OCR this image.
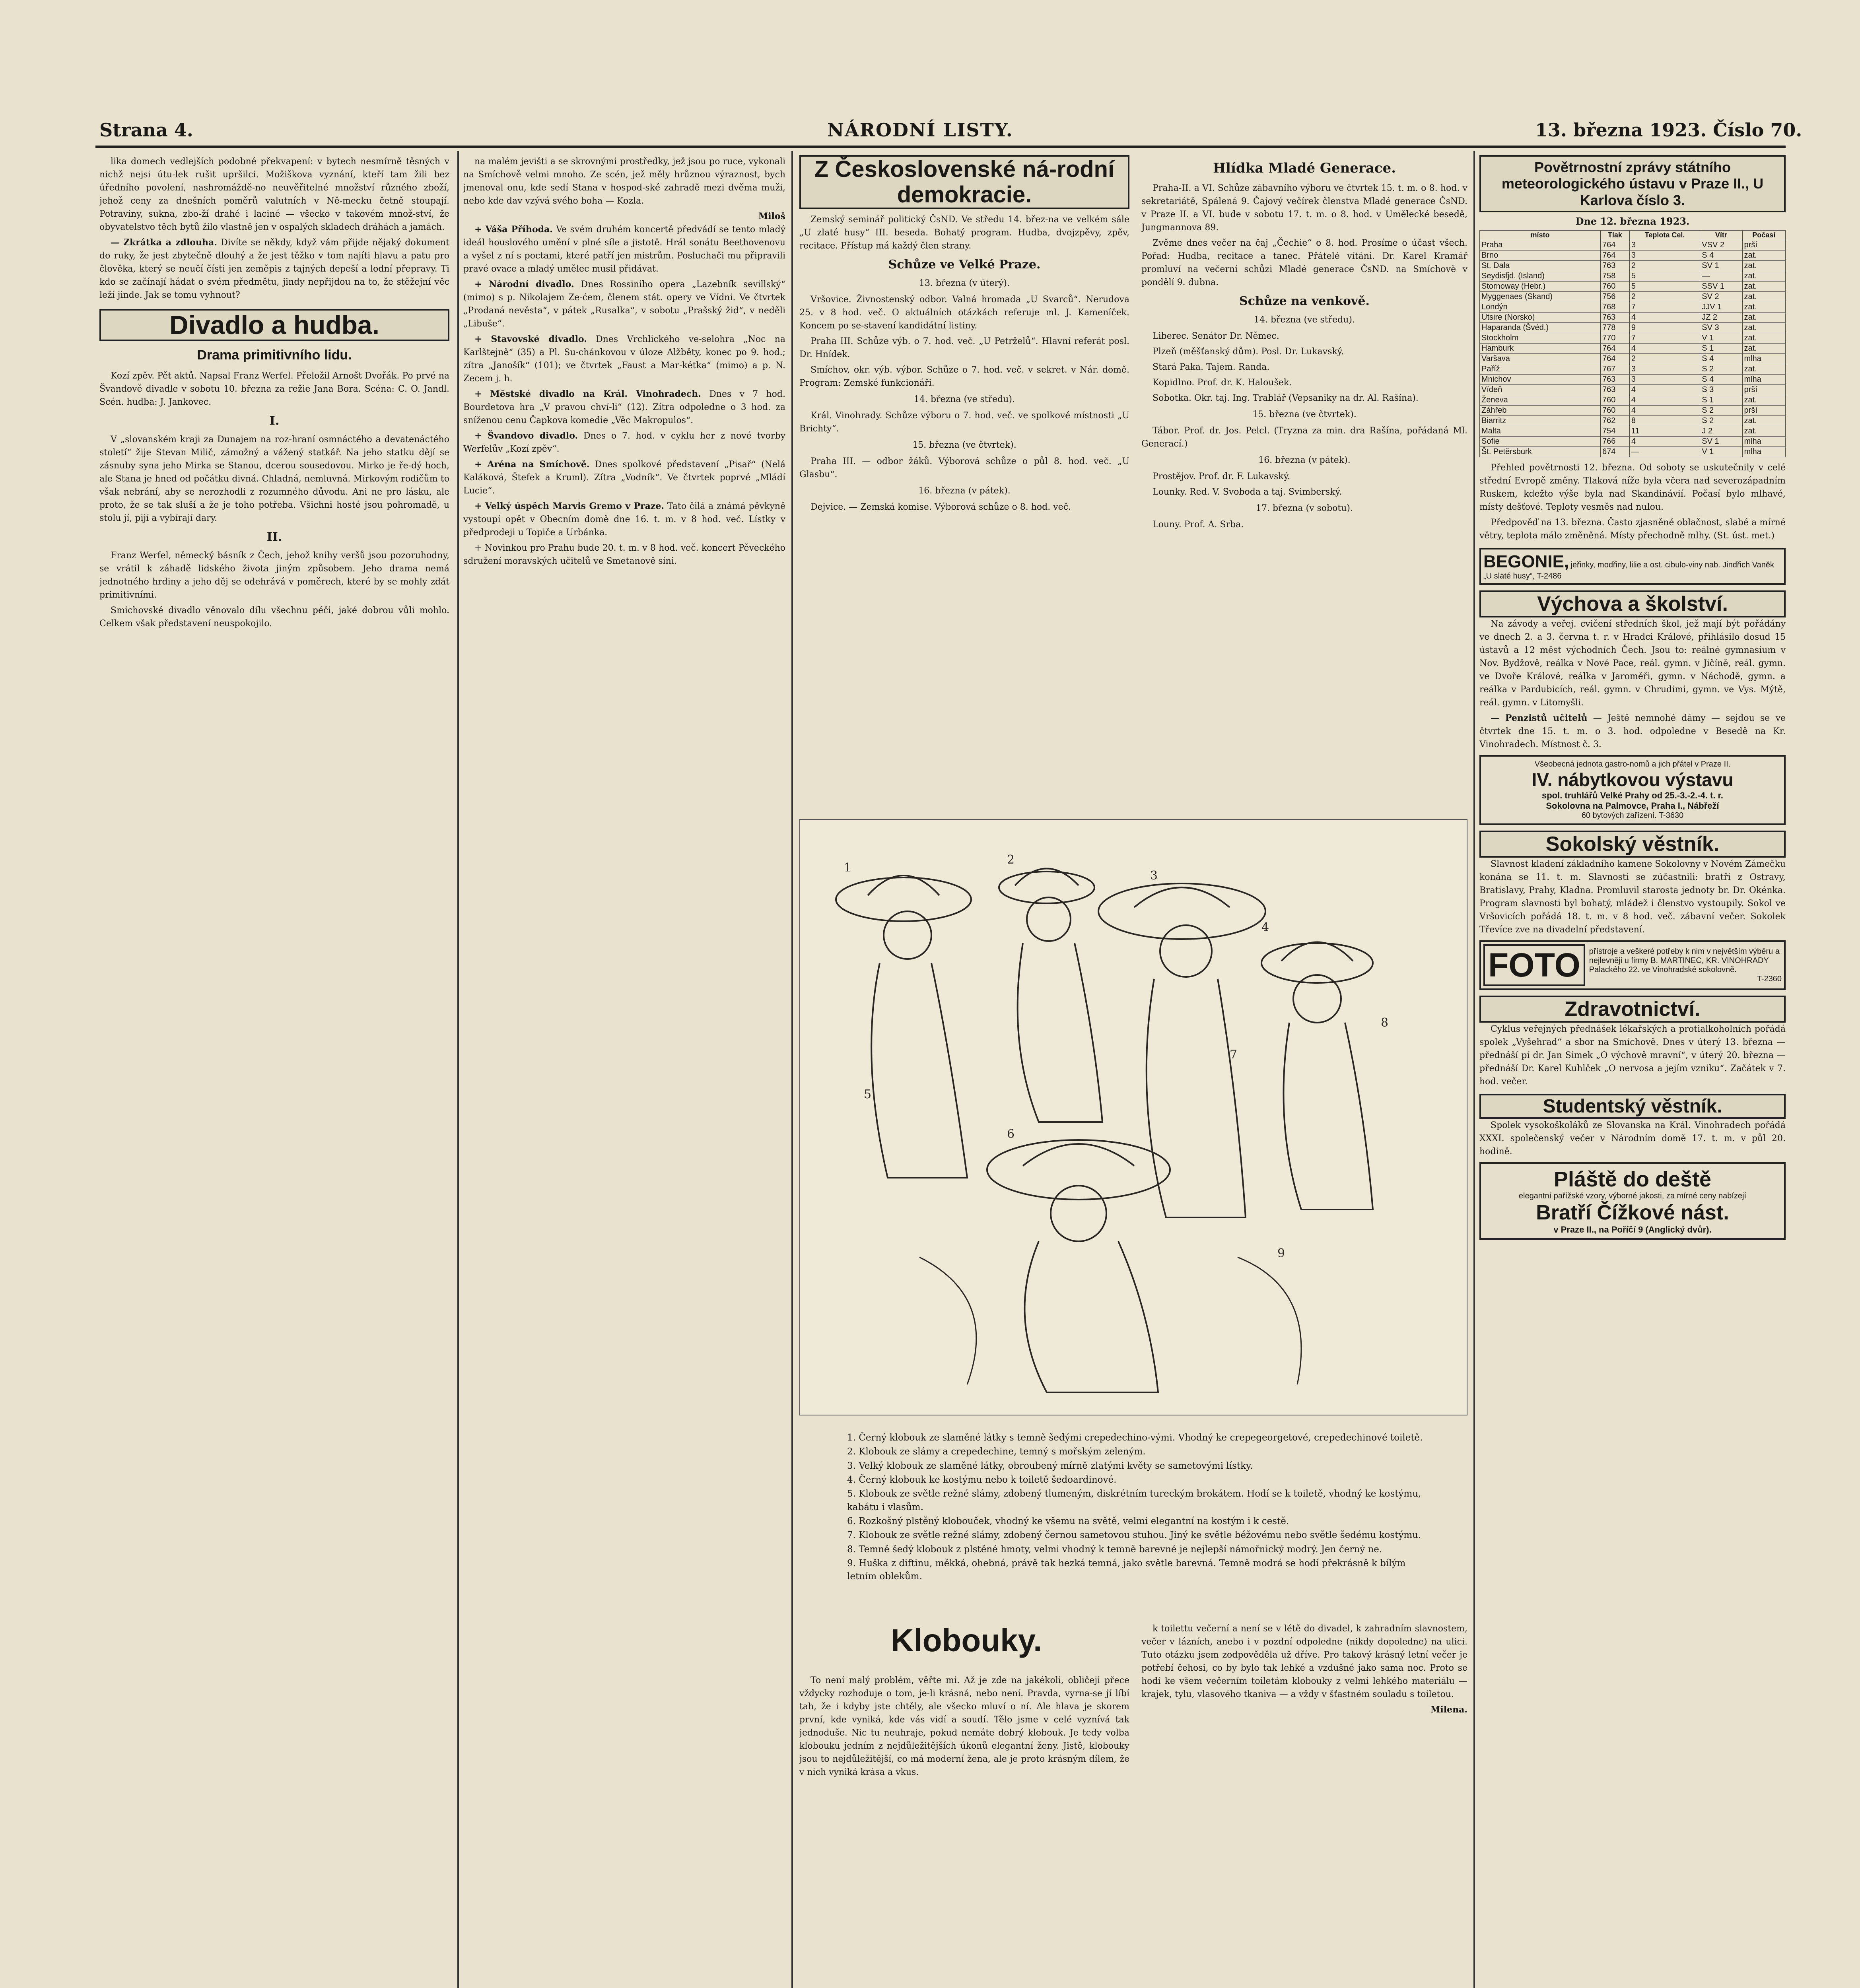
Strana 4.	NÁRODNÍ LISTY.	13. března 1923. Číslo 70.

lika domech vedlejších podobné překvapení: v bytech nesmírně těsných v nichž nejsi útu-lek rušit upršilci. Možiškova vyznání, kteří tam žili bez úředního povolení, nashromáždě-no neuvěřitelné množství různého zboží, jehož ceny za dnešních poměrů valutních v Ně-mecku četně stoupají. Potraviny, sukna, zbo-ží drahé i laciné — všecko v takovém množ-ství, že obyvatelstvo těch bytů žilo vlastně jen v ospalých skladech dráhách a jamách.

— Zkrátka a zdlouha. Divíte se někdy, když vám přijde nějaký dokument do ruky, že jest zbytečně dlouhý a že jest těžko v tom najíti hlavu a patu pro člověka, který se neučí čísti jen zeměpis z tajných depeší a lodní přepravy. Ti kdo se začínají hádat o svém předmětu, jindy nepřijdou na to, že stěžejní věc leží jinde. Jak se tomu vyhnout?

Divadlo a hudba.
Drama primitivního lidu.

Kozí zpěv. Pět aktů. Napsal Franz Werfel. Přeložil Arnošt Dvořák. Po prvé na Švandově divadle v sobotu 10. března za režie Jana Bora. Scéna: C. O. Jandl. Scén. hudba: J. Jankovec.

I.

V „slovanském kraji za Dunajem na roz-hraní osmnáctého a devatenáctého století“ žije Stevan Milič, zámožný a vážený statkář. Na jeho statku dějí se zásnuby syna jeho Mirka se Stanou, dcerou sousedovou. Mirko je ře-dý hoch, ale Stana je hned od počátku divná. Chladná, nemluvná. Mirkovým rodičům to však nebrání, aby se nerozhodli z rozumného důvodu. Ani ne pro lásku, ale proto, že se tak sluší a že je toho potřeba. Všichni hosté jsou pohromadě, u stolu jí, pijí a vybírají dary.

II.

Franz Werfel, německý básník z Čech, jehož knihy veršů jsou pozoruhodny, se vrátil k záhadě lidského života jiným způsobem. Jeho drama nemá jednotného hrdiny a jeho děj se odehrává v poměrech, které by se mohly zdát primitivními.

Smíchovské divadlo věnovalo dílu všechnu péči, jaké dobrou vůli mohlo. Celkem však představení neuspokojilo.

na malém jevišti a se skrovnými prostředky, jež jsou po ruce, vykonali na Smíchově velmi mnoho. Ze scén, jež měly hrůznou výraznost, bych jmenoval onu, kde sedí Stana v hospod-ské zahradě mezi dvěma muži, nebo kde dav vzývá svého boha — Kozla.

Miloš

+ Váša Příhoda. Ve svém druhém koncertě předvádí se tento mladý ideál houslového umění v plné síle a jistotě. Hrál sonátu Beethovenovu a vyšel z ní s poctami, které patří jen mistrům. Posluchači mu připravili pravé ovace a mladý umělec musil přidávat.

+ Národní divadlo. Dnes Rossiniho opera „Lazebník sevillský“ (mimo) s p. Nikolajem Ze-ćem, členem stát. opery ve Vídni. Ve čtvrtek „Prodaná nevěsta“, v pátek „Rusalka“, v sobotu „Prašský žid“, v neděli „Libuše“.

+ Stavovské divadlo. Dnes Vrchlického ve-selohra „Noc na Karlštejně“ (35) a Pl. Su-chánkovou v úloze Alžběty, konec po 9. hod.; zítra „Janošík“ (101); ve čtvrtek „Faust a Mar-kétka“ (mimo) a p. N. Zecem j. h.

+ Městské divadlo na Král. Vinohradech. Dnes v 7 hod. Bourdetova hra „V pravou chví-li“ (12). Zítra odpoledne o 3 hod. za sníženou cenu Čapkova komedie „Věc Makropulos“.

+ Švandovo divadlo. Dnes o 7. hod. v cyklu her z nové tvorby Werfelův „Kozí zpěv“.

+ Aréna na Smíchově. Dnes spolkové představení „Pisař“ (Nelá Kaláková, Štefek a Kruml). Zítra „Vodník“. Ve čtvrtek poprvé „Mládí Lucie“.

+ Velký úspěch Marvis Gremo v Praze. Tato čilá a známá pěvkyně vystoupí opět v Obecním domě dne 16. t. m. v 8 hod. več. Lístky v předprodeji u Topiče a Urbánka.

+ Novinkou pro Prahu bude 20. t. m. v 8 hod. več. koncert Pěveckého sdružení moravských učitelů ve Smetanově síni.

Z Československé ná-rodní demokracie.

Zemský seminář politický ČsND. Ve středu 14. břez-na ve velkém sále „U zlaté husy“ III. beseda. Bohatý program. Hudba, dvojzpěvy, zpěv, recitace. Přístup má každý člen strany.

Schůze ve Velké Praze.
13. března (v úterý).

Vršovice. Živnostenský odbor. Valná hromada „U Svarců“. Nerudova 25. v 8 hod. več. O aktuálních otázkách referuje ml. J. Kameníček. Koncem po se-stavení kandidátní listiny.

Praha III. Schůze výb. o 7. hod. več. „U Petrželů“. Hlavní referát posl. Dr. Hnídek.

Smíchov, okr. výb. výbor. Schůze o 7. hod. več. v sekret. v Nár. domě. Program: Zemské funkcionáři.

14. března (ve středu).

Král. Vinohrady. Schůze výboru o 7. hod. več. ve spolkové místnosti „U Brichty“.

15. března (ve čtvrtek).

Praha III. — odbor žáků. Výborová schůze o půl 8. hod. več. „U Glasbu“.

16. března (v pátek).

Dejvice. — Zemská komise. Výborová schůze o 8. hod. več.

Hlídka Mladé Generace.

Praha-II. a VI. Schůze zábavního výboru ve čtvrtek 15. t. m. o 8. hod. v sekretariátě, Spálená 9. Čajový večírek členstva Mladé generace ČsND. v Praze II. a VI. bude v sobotu 17. t. m. o 8. hod. v Umělecké besedě, Jungmannova 89.

Zvěme dnes večer na čaj „Čechie“ o 8. hod. Prosíme o účast všech. Pořad: Hudba, recitace a tanec. Přátelé vítáni. Dr. Karel Kramář promluví na večerní schůzi Mladé generace ČsND. na Smíchově v pondělí 9. dubna.

Schůze na venkově.
14. března (ve středu).

Liberec. Senátor Dr. Němec.

Plzeň (měšťanský dům). Posl. Dr. Lukavský.

Stará Paka. Tajem. Randa.

Kopidlno. Prof. dr. K. Haloušek.

Sobotka. Okr. taj. Ing. Trablář (Vepsaniky na dr. Al. Rašína).

15. března (ve čtvrtek).

Tábor. Prof. dr. Jos. Pelcl. (Tryzna za min. dra Rašína, pořádaná Ml. Generací.)

16. března (v pátek).

Prostějov. Prof. dr. F. Lukavský.

Lounky. Red. V. Svoboda a taj. Svimberský.

17. března (v sobotu).

Louny. Prof. A. Srba.

1
2
3
4
5
6
7
8
9
1. Černý klobouk ze slaměné látky s temně šedými crepedechino-vými. Vhodný ke crepegeorgetové, crepedechinové toiletě.
2. Klobouk ze slámy a crepedechine, temný s mořským zeleným.
3. Velký klobouk ze slaměné látky, obroubený mírně zlatými květy se sametovými lístky.
4. Černý klobouk ke kostýmu nebo k toiletě šedoardinové.
5. Klobouk ze světle režné slámy, zdobený tlumeným, diskrétním tureckým brokátem. Hodí se k toiletě, vhodný ke kostýmu, kabátu i vlasům.
6. Rozkošný plstěný klobouček, vhodný ke všemu na světě, velmi elegantní na kostým i k cestě.
7. Klobouk ze světle režné slámy, zdobený černou sametovou stuhou. Jiný ke světle béžovému nebo světle šedému kostýmu.
8. Temně šedý klobouk z plstěné hmoty, velmi vhodný k temně barevné je nejlepší námořnický modrý. Jen černý ne.
9. Huška z diftinu, měkká, ohebná, právě tak hezká temná, jako světle barevná. Temně modrá se hodí překrásně k bílým letním oblekům.
Klobouky.

To není malý problém, věřte mi. Až je zde na jakékoli, obličeji přece vždycky rozhoduje o tom, je-li krásná, nebo není. Pravda, vyrna-se jí líbí tah, že i kdyby jste chtěly, ale všecko mluví o ní. Ale hlava je skorem první, kde vyniká, kde vás vidí a soudí. Tělo jsme v celé vyznívá tak jednoduše. Nic tu neuhraje, pokud nemáte dobrý klobouk. Je tedy volba klobouku jedním z nejdůležitějších úkonů elegantní ženy. Jistě, klobouky jsou to nejdůležitější, co má moderní žena, ale je proto krásným dílem, že v nich vyniká krása a vkus.

k toilettu večerní a není se v létě do divadel, k zahradním slavnostem, večer v lázních, anebo i v pozdní odpoledne (nikdy dopoledne) na ulici. Tuto otázku jsem zodpověděla už dříve. Pro takový krásný letní večer je potřebí čehosi, co by bylo tak lehké a vzdušné jako sama noc. Proto se hodí ke všem večerním toiletám klobouky z velmi lehkého materiálu — krajek, tylu, vlasového tkaniva — a vždy v šťastném souladu s toiletou.

Milena.
Povětrnostní zprávy státního meteorologického ústavu v Praze II., U Karlova číslo 3.
Dne 12. března 1923.
místo	Tlak	Teplota Cel.	Vítr	Počasí
Praha	764	3	VSV 2	prší
Brno	764	3	S 4	zat.
St. Dala	763	2	SV 1	zat.
Seydisfjd. (Island)	758	5	—	zat.
Stornoway (Hebr.)	760	5	SSV 1	zat.
Myggenaes (Skand)	756	2	SV 2	zat.
Londýn	768	7	JJV 1	zat.
Utsire (Norsko)	763	4	JZ 2	zat.
Haparanda (Švéd.)	778	9	SV 3	zat.
Stockholm	770	7	V 1	zat.
Hamburk	764	4	S 1	zat.
Varšava	764	2	S 4	mlha
Paříž	767	3	S 2	zat.
Mnichov	763	3	S 4	mlha
Vídeň	763	4	S 3	prší
Ženeva	760	4	S 1	zat.
Záhřeb	760	4	S 2	prší
Biarritz	762	8	S 2	zat.
Malta	754	11	J 2	zat.
Sofie	766	4	SV 1	mlha
Št. Petěrsburk	674	—	V 1	mlha

Přehled povětrnosti 12. března. Od soboty se uskutečnily v celé střední Evropě změny. Tlaková níže byla včera nad severozápadním Ruskem, kdežto výše byla nad Skandinávií. Počasí bylo mlhavé, místy dešťové. Teploty vesměs nad nulou.

Předpověď na 13. března. Často zjasněné oblačnost, slabé a mírné větry, teplota málo změněná. Místy přechodně mlhy. (St. úst. met.)

BEGONIE, jeřinky, modřiny, lilie a ost. cibulo-viny nab. Jindřich Vaněk „U slaté husy“, T-2486
Výchova a školství.

Na závody a veřej. cvičení středních škol, jež mají být pořádány ve dnech 2. a 3. června t. r. v Hradci Králové, přihlásilo dosud 15 ústavů a 12 měst východních Čech. Jsou to: reálné gymnasium v Nov. Bydžově, reálka v Nové Pace, reál. gymn. v Jičíně, reál. gymn. ve Dvoře Králové, reálka v Jaroměři, gymn. v Náchodě, gymn. a reálka v Pardubicích, reál. gymn. v Chrudimi, gymn. ve Vys. Mýtě, reál. gymn. v Litomyšli.

— Penzistů učitelů — Ještě nemnohé dámy — sejdou se ve čtvrtek dne 15. t. m. o 3. hod. odpoledne v Besedě na Kr. Vinohradech. Místnost č. 3.

Všeobecná jednota gastro-nomů a jich přátel v Praze II.
IV. nábytkovou výstavu
spol. truhlářů Velké Prahy od 25.-3.-2.-4. t. r.
Sokolovna na Palmovce, Praha I., Nábřeží
60 bytových zařízení. T-3630
Sokolský věstník.

Slavnost kladení základního kamene Sokolovny v Novém Zámečku konána se 11. t. m. Slavnosti se zúčastnili: bratři z Ostravy, Bratislavy, Prahy, Kladna. Promluvil starosta jednoty br. Dr. Okénka. Program slavnosti byl bohatý, mládež i členstvo vystoupily. Sokol ve Vršovicích pořádá 18. t. m. v 8 hod. več. zábavní večer. Sokolek Třevíce zve na divadelní představení.

FOTO	přístroje a veškeré potřeby k nim v největším výběru a nejlevněji u firmy B. MARTINEC, KR. VINOHRADY
Palackého 22. ve Vinohradské sokolovně.
T-2360
Zdravotnictví.

Cyklus veřejných přednášek lékařských a protialkoholních pořádá spolek „Vyšehrad“ a sbor na Smíchově. Dnes v úterý 13. března — přednáší pí dr. Jan Simek „O výchově mravní“, v úterý 20. března — přednáší Dr. Karel Kuhlček „O nervosa a jejím vzniku“. Začátek v 7. hod. večer.

Studentský věstník.

Spolek vysokoškoláků ze Slovanska na Král. Vinohradech pořádá XXXI. společenský večer v Národním domě 17. t. m. v půl 20. hodině.

Pláště do deště
elegantní pařížské vzory, výborné jakosti, za mírné ceny nabízejí
Bratří Čížkové nást.
v Praze II., na Poříčí 9 (Anglický dvůr).
